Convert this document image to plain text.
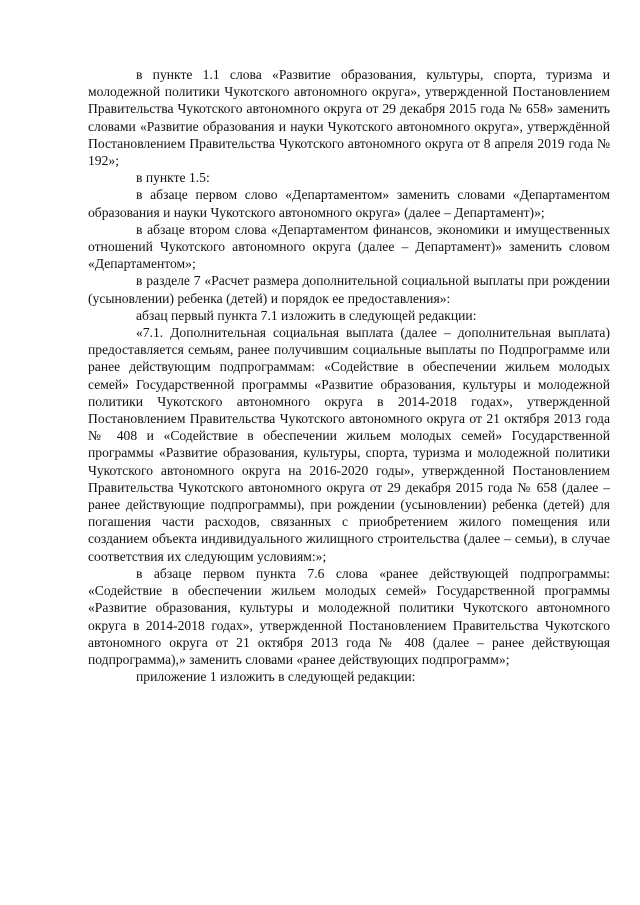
в пункте 1.1 слова «Развитие образования, культуры, спорта, туризма и молодежной политики Чукотского автономного округа», утвержденной Постановлением Правительства Чукотского автономного округа от 29 декабря 2015 года № 658» заменить словами «Развитие образования и науки Чукотского автономного округа», утверждённой Постановлением Правительства Чукотского автономного округа от 8 апреля 2019 года № 192»;

в пункте 1.5:

в абзаце первом слово «Департаментом» заменить словами «Департаментом образования и науки Чукотского автономного округа» (далее – Департамент)»;

в абзаце втором слова «Департаментом финансов, экономики и имущественных отношений Чукотского автономного округа (далее – Департамент)» заменить словом «Департаментом»;

в разделе 7 «Расчет размера дополнительной социальной выплаты при рождении (усыновлении) ребенка (детей) и порядок ее предоставления»:

абзац первый пункта 7.1 изложить в следующей редакции:

«7.1. Дополнительная социальная выплата (далее – дополнительная выплата) предоставляется семьям, ранее получившим социальные выплаты по Подпрограмме или ранее действующим подпрограммам: «Содействие в обеспечении жильем молодых семей» Государственной программы «Развитие образования, культуры и молодежной политики Чукотского автономного округа в 2014-2018 годах», утвержденной Постановлением Правительства Чукотского автономного округа от 21 октября 2013 года № 408 и «Содействие в обеспечении жильем молодых семей» Государственной программы «Развитие образования, культуры, спорта, туризма и молодежной политики Чукотского автономного округа на 2016-2020 годы», утвержденной Постановлением Правительства Чукотского автономного округа от 29 декабря 2015 года № 658 (далее – ранее действующие подпрограммы), при рождении (усыновлении) ребенка (детей) для погашения части расходов, связанных с приобретением жилого помещения или созданием объекта индивидуального жилищного строительства (далее – семьи), в случае соответствия их следующим условиям:»;

в абзаце первом пункта 7.6 слова «ранее действующей подпрограммы: «Содействие в обеспечении жильем молодых семей» Государственной программы «Развитие образования, культуры и молодежной политики Чукотского автономного округа в 2014-2018 годах», утвержденной Постановлением Правительства Чукотского автономного округа от 21 октября 2013 года № 408 (далее – ранее действующая подпрограмма),» заменить словами «ранее действующих подпрограмм»;

приложение 1 изложить в следующей редакции:
